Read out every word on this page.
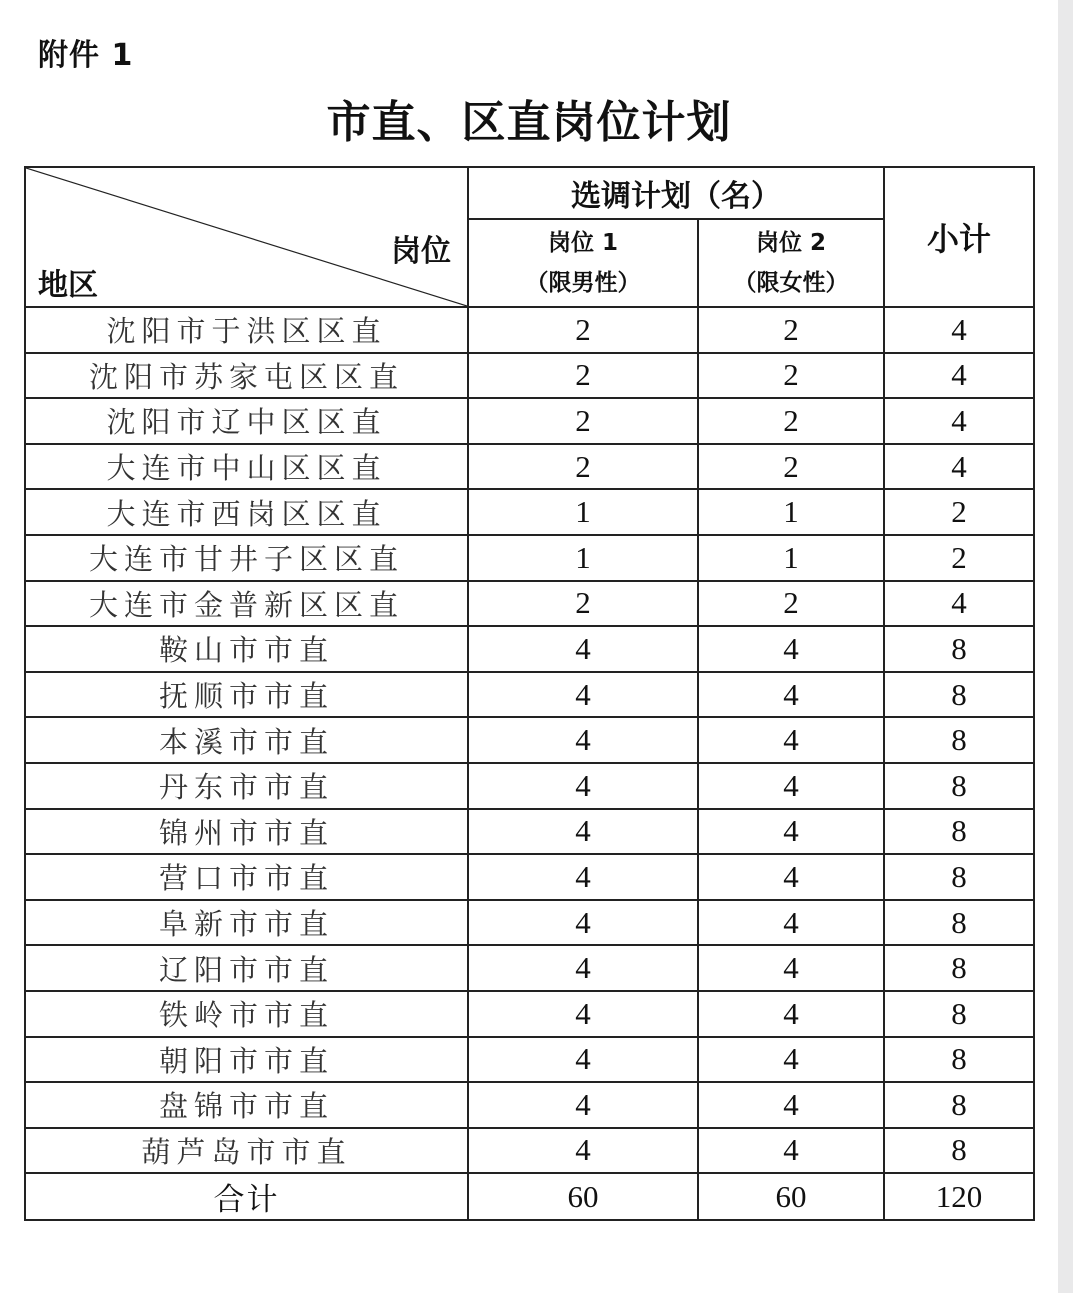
附件 1
市直、区直岗位计划
岗位
地区	选调计划（名）		小计

	岗位 1
（限男性）	岗位 2
（限女性）	

沈阳市于洪区区直	2	2	4
沈阳市苏家屯区区直	2	2	4
沈阳市辽中区区直	2	2	4
大连市中山区区直	2	2	4
大连市西岗区区直	1	1	2
大连市甘井子区区直	1	1	2
大连市金普新区区直	2	2	4
鞍山市市直	4	4	8
抚顺市市直	4	4	8
本溪市市直	4	4	8
丹东市市直	4	4	8
锦州市市直	4	4	8
营口市市直	4	4	8
阜新市市直	4	4	8
辽阳市市直	4	4	8
铁岭市市直	4	4	8
朝阳市市直	4	4	8
盘锦市市直	4	4	8
葫芦岛市市直	4	4	8
合计	60	60	120
